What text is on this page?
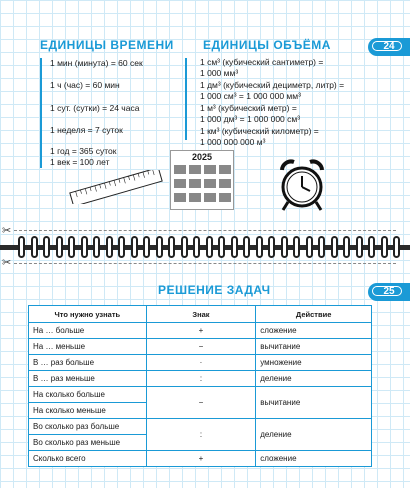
ЕДИНИЦЫ ВРЕМЕНИ ЕДИНИЦЫ ОБЪЁМА	24
1 мин (минута) = 60 сек
1 ч (час) = 60 мин
1 сут. (сутки) = 24 часа
1 неделя = 7 суток
1 год = 365 суток
1 век = 100 лет
1 см³ (кубический сантиметр) =
1 000 мм³
1 дм³ (кубический дециметр, литр) =
1 000 см³ = 1 000 000 мм³
1 м³ (кубический метр) =
1 000 дм³ = 1 000 000 см³
1 км³ (кубический километр) =
1 000 000 000 м³
2025
✂
✂
РЕШЕНИЕ ЗАДАЧ	25
Что нужно узнать	Знак	Действие
На … больше	+	сложение
На … меньше	−	вычитание
В … раз больше	·	умножение
В … раз меньше	:	деление
На сколько больше	−	вычитание
На сколько меньше		
Во сколько раз больше	:	деление
Во сколько раз меньше		
Сколько всего	+	сложение
